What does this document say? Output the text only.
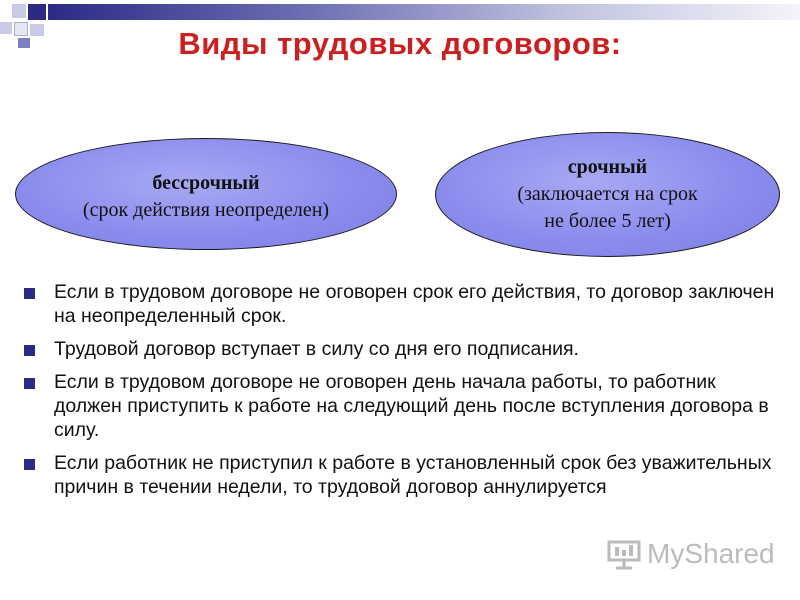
Виды трудовых договоров:
бессрочный
(срок действия неопределен)
срочный
(заключается на срок
не более 5 лет)
Если в трудовом договоре не оговорен срок его действия, то договор заключен на неопределенный срок.
Трудовой договор вступает в силу со дня его подписания.
Если в трудовом договоре не оговорен день начала работы, то работник должен приступить к работе на следующий день после вступления договора в силу.
Если работник не приступил к работе в установленный срок без уважительных причин в течении недели, то трудовой договор аннулируется
MyShared
